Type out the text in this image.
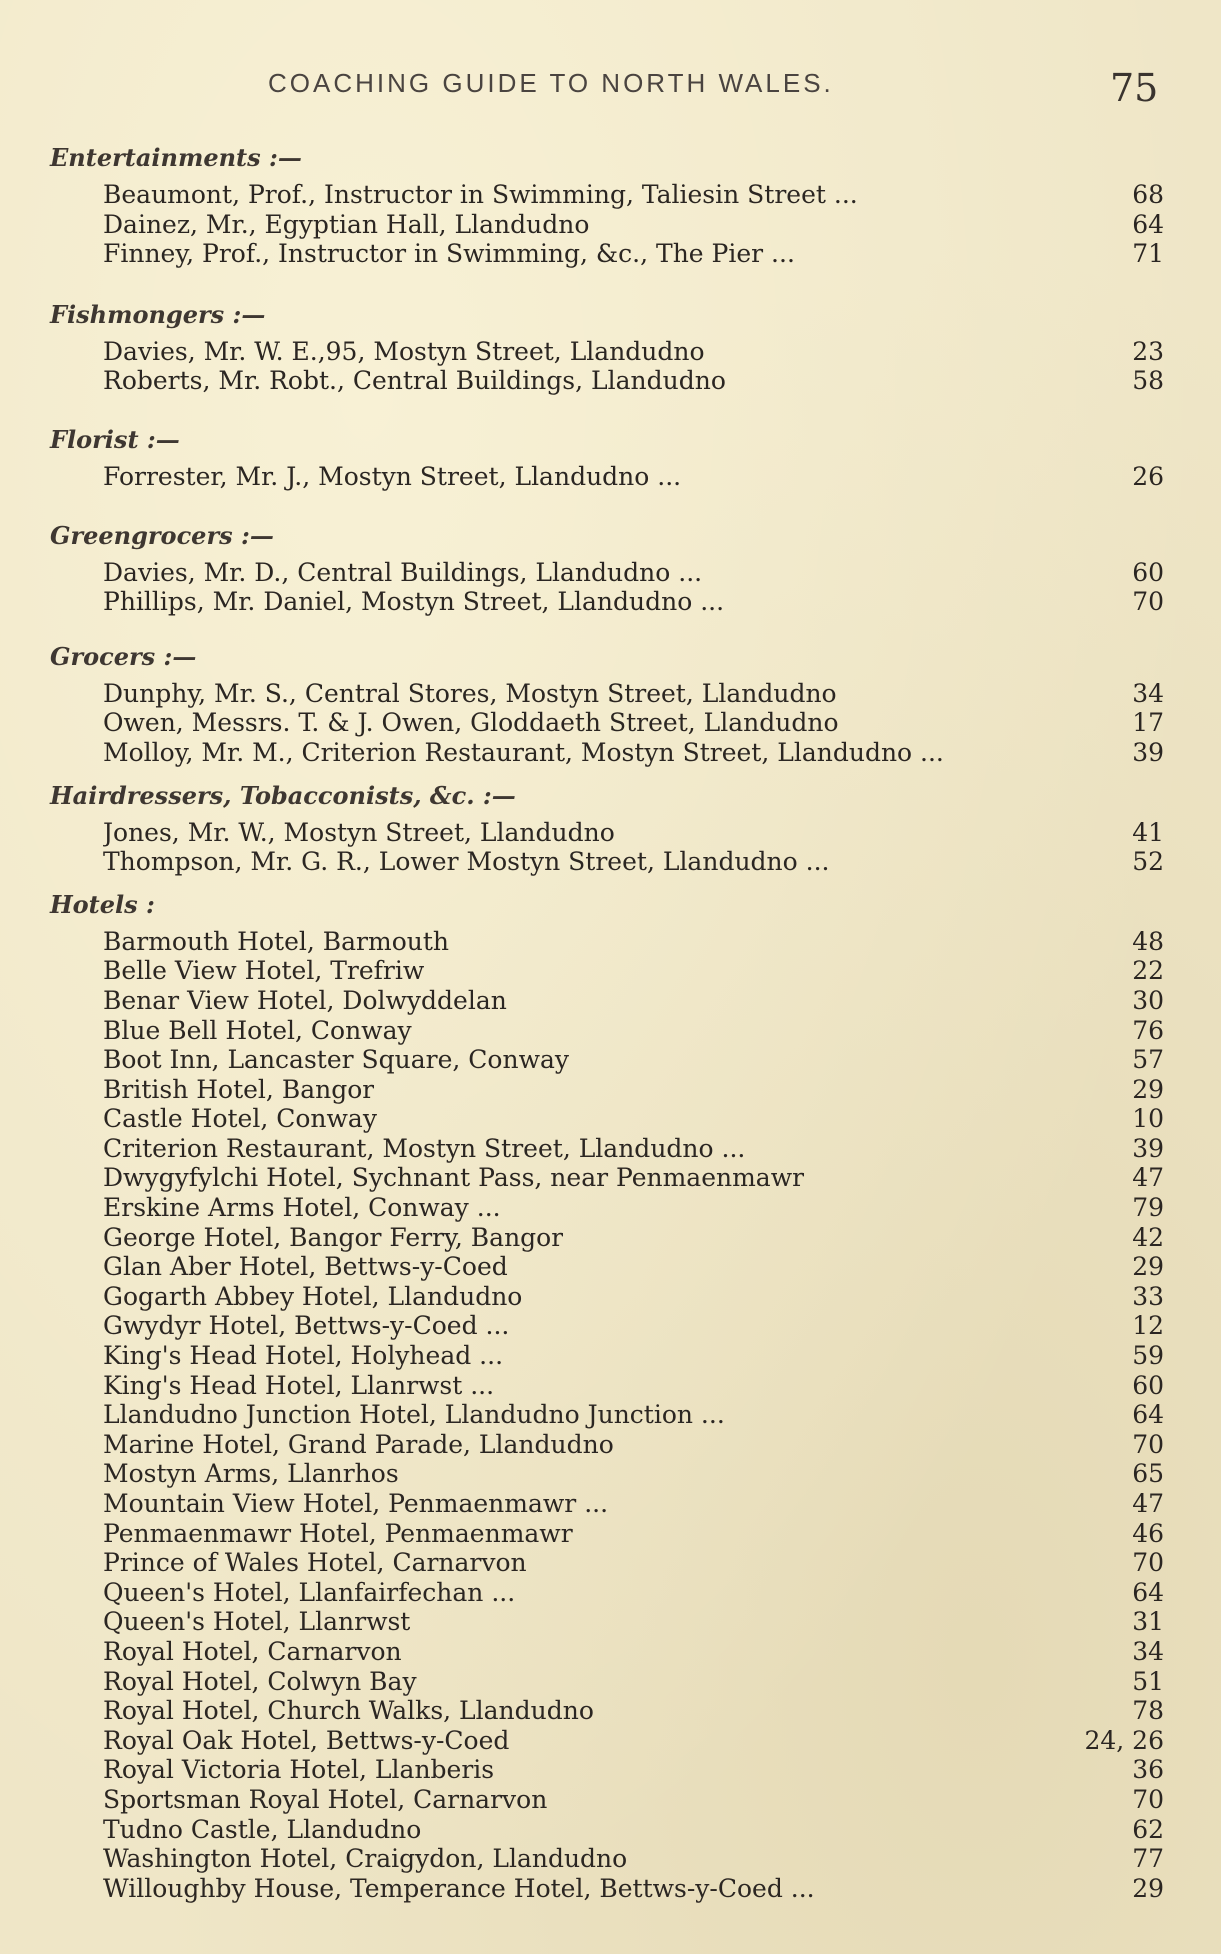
COACHING GUIDE TO NORTH WALES.	75
Entertainments :—
Beaumont, Prof., Instructor in Swimming, Taliesin Street ...	68
Dainez, Mr., Egyptian Hall, Llandudno	64
Finney, Prof., Instructor in Swimming, &c., The Pier ...	71
Fishmongers :—
Davies, Mr. W. E.,95, Mostyn Street, Llandudno	23
Roberts, Mr. Robt., Central Buildings, Llandudno	58
Florist :—
Forrester, Mr. J., Mostyn Street, Llandudno ...	26
Greengrocers :—
Davies, Mr. D., Central Buildings, Llandudno ...	60
Phillips, Mr. Daniel, Mostyn Street, Llandudno ...	70
Grocers :—
Dunphy, Mr. S., Central Stores, Mostyn Street, Llandudno	34
Owen, Messrs. T. & J. Owen, Gloddaeth Street, Llandudno	17
Molloy, Mr. M., Criterion Restaurant, Mostyn Street, Llandudno ...	39
Hairdressers, Tobacconists, &c. :—
Jones, Mr. W., Mostyn Street, Llandudno	41
Thompson, Mr. G. R., Lower Mostyn Street, Llandudno ...	52
Hotels :
Barmouth Hotel, Barmouth	48
Belle View Hotel, Trefriw	22
Benar View Hotel, Dolwyddelan	30
Blue Bell Hotel, Conway	76
Boot Inn, Lancaster Square, Conway	57
British Hotel, Bangor	29
Castle Hotel, Conway	10
Criterion Restaurant, Mostyn Street, Llandudno ...	39
Dwygyfylchi Hotel, Sychnant Pass, near Penmaenmawr	47
Erskine Arms Hotel, Conway ...	79
George Hotel, Bangor Ferry, Bangor	42
Glan Aber Hotel, Bettws-y-Coed	29
Gogarth Abbey Hotel, Llandudno	33
Gwydyr Hotel, Bettws-y-Coed ...	12
King's Head Hotel, Holyhead ...	59
King's Head Hotel, Llanrwst ...	60
Llandudno Junction Hotel, Llandudno Junction ...	64
Marine Hotel, Grand Parade, Llandudno	70
Mostyn Arms, Llanrhos	65
Mountain View Hotel, Penmaenmawr ...	47
Penmaenmawr Hotel, Penmaenmawr	46
Prince of Wales Hotel, Carnarvon	70
Queen's Hotel, Llanfairfechan ...	64
Queen's Hotel, Llanrwst	31
Royal Hotel, Carnarvon	34
Royal Hotel, Colwyn Bay	51
Royal Hotel, Church Walks, Llandudno	78
Royal Oak Hotel, Bettws-y-Coed	24, 26
Royal Victoria Hotel, Llanberis	36
Sportsman Royal Hotel, Carnarvon	70
Tudno Castle, Llandudno	62
Washington Hotel, Craigydon, Llandudno	77
Willoughby House, Temperance Hotel, Bettws-y-Coed ...	29
